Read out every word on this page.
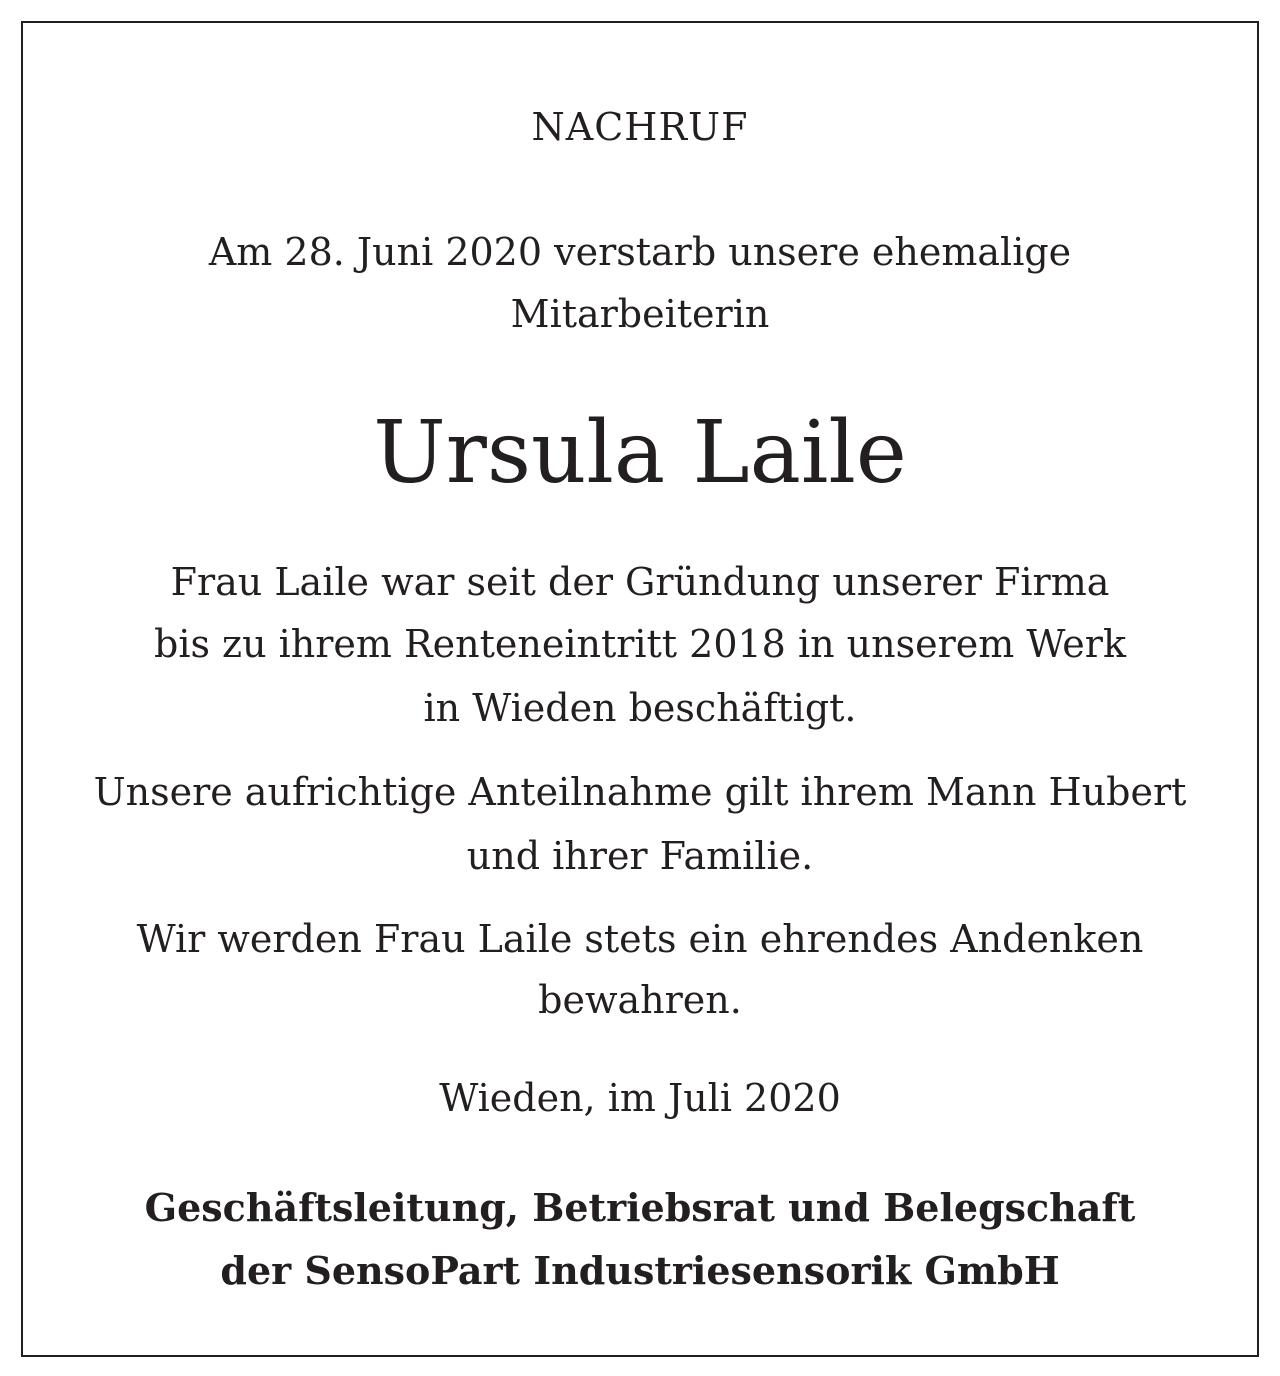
NACHRUF
Am 28. Juni 2020 verstarb unsere ehemalige
Mitarbeiterin
Ursula Laile
Frau Laile war seit der Gründung unserer Firma
bis zu ihrem Renteneintritt 2018 in unserem Werk
in Wieden beschäftigt.
Unsere aufrichtige Anteilnahme gilt ihrem Mann Hubert
und ihrer Familie.
Wir werden Frau Laile stets ein ehrendes Andenken
bewahren.
Wieden, im Juli 2020
Geschäftsleitung, Betriebsrat und Belegschaft
der SensoPart Industriesensorik GmbH
